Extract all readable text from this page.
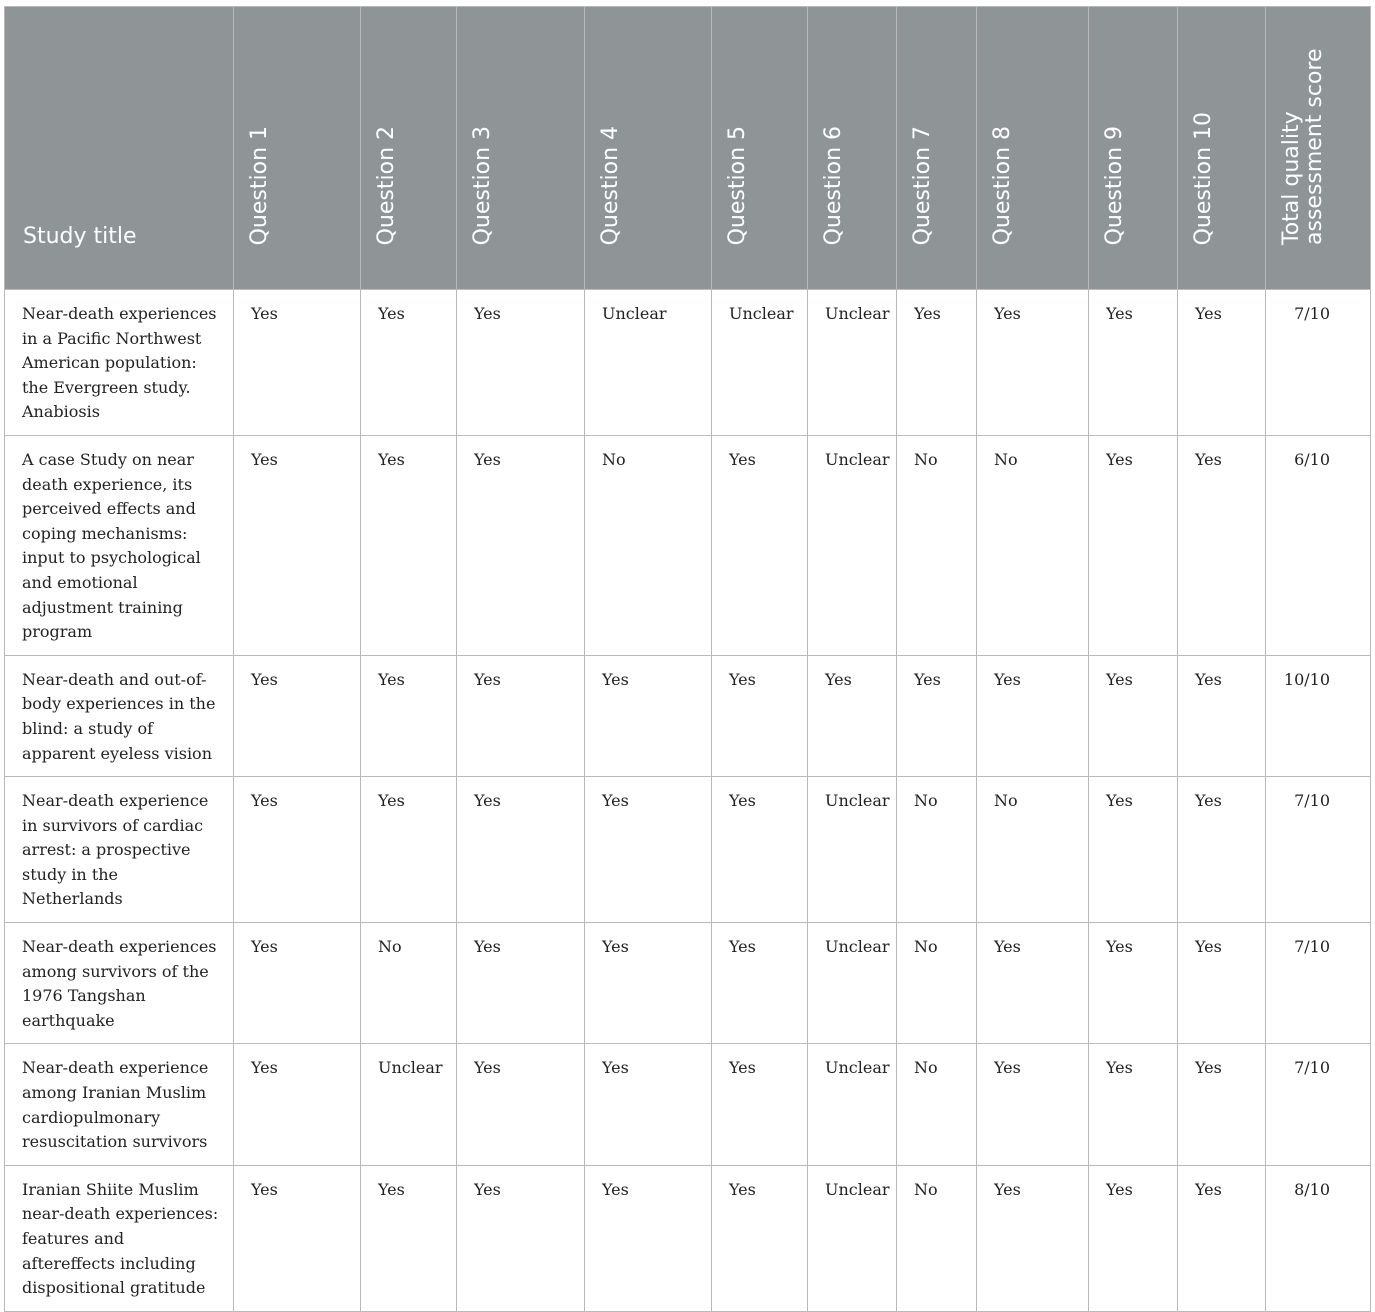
Study title	Question 1	Question 2	Question 3	Question 4	Question 5	Question 6	Question 7	Question 8	Question 9	Question 10	Total quality assessment score

Near-death experiences in a Pacific Northwest American population: the Evergreen study. Anabiosis	Yes	Yes	Yes	Unclear	Unclear	Unclear	Yes	Yes	Yes	Yes	7/10
A case Study on near death experience, its perceived effects and coping mechanisms: input to psychological and emotional adjustment training program	Yes	Yes	Yes	No	Yes	Unclear	No	No	Yes	Yes	6/10
Near-death and out-of-body experiences in the blind: a study of apparent eyeless vision	Yes	Yes	Yes	Yes	Yes	Yes	Yes	Yes	Yes	Yes	10/10
Near-death experience in survivors of cardiac arrest: a prospective study in the Netherlands	Yes	Yes	Yes	Yes	Yes	Unclear	No	No	Yes	Yes	7/10
Near-death experiences among survivors of the 1976 Tangshan earthquake	Yes	No	Yes	Yes	Yes	Unclear	No	Yes	Yes	Yes	7/10
Near-death experience among Iranian Muslim cardiopulmonary resuscitation survivors	Yes	Unclear	Yes	Yes	Yes	Unclear	No	Yes	Yes	Yes	7/10
Iranian Shiite Muslim near-death experiences: features and aftereffects including dispositional gratitude	Yes	Yes	Yes	Yes	Yes	Unclear	No	Yes	Yes	Yes	8/10
